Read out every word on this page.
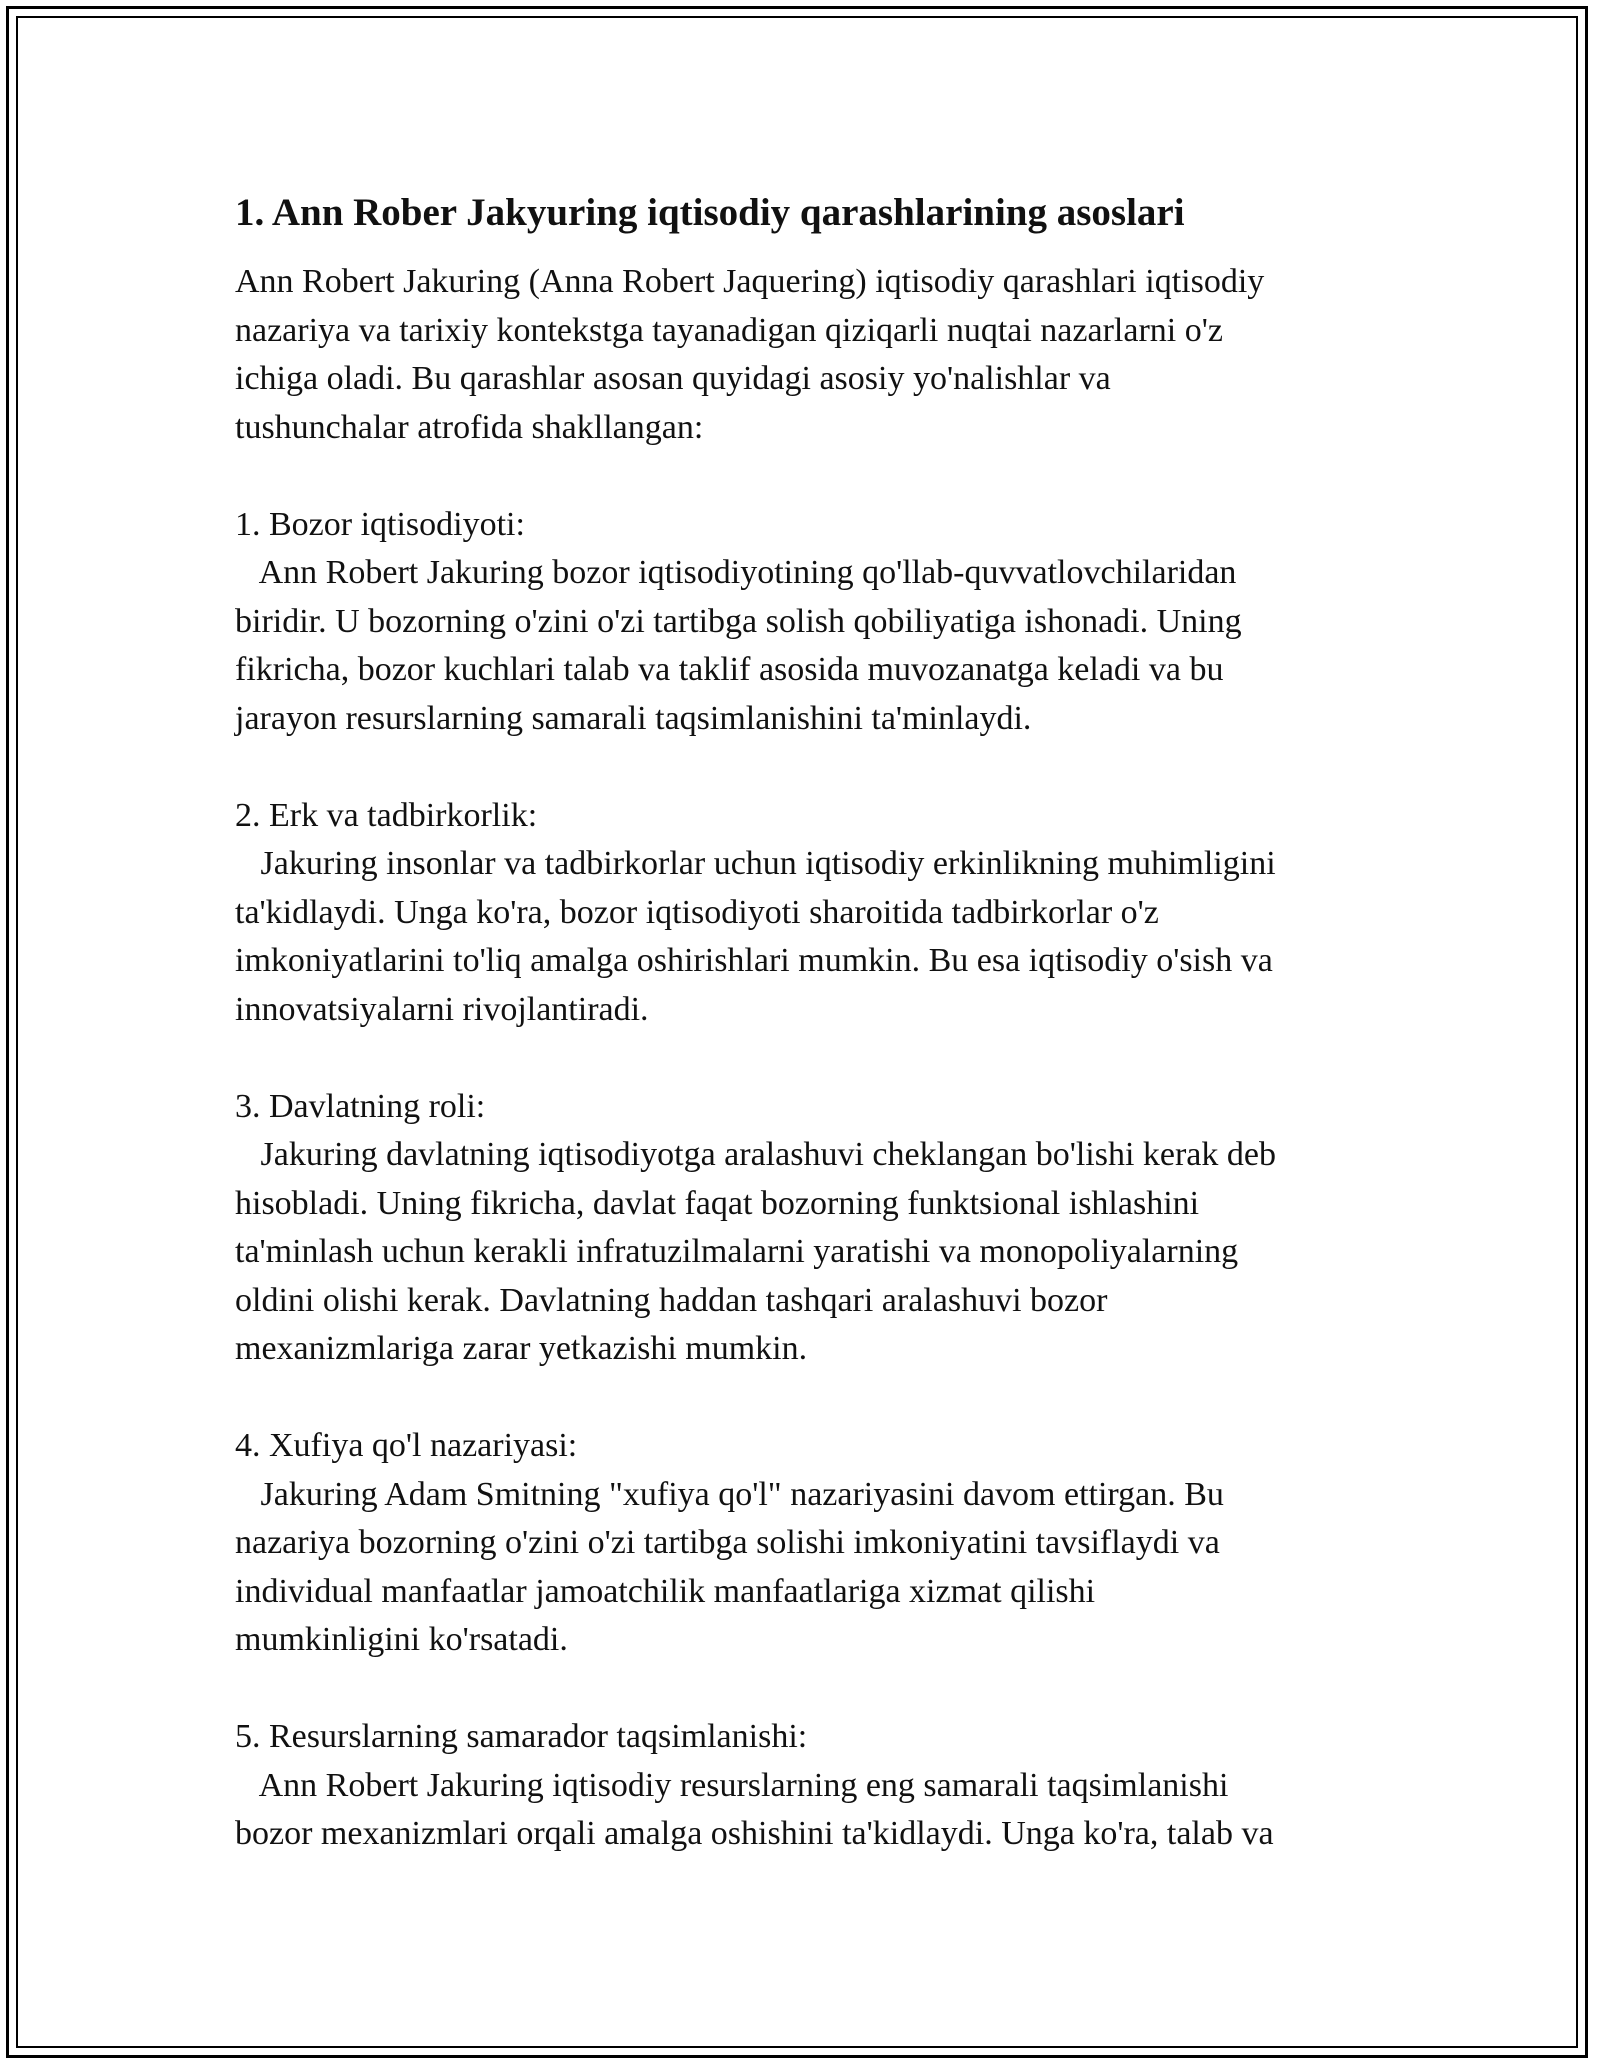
1. Ann Rober Jakyuring iqtisodiy qarashlarining asoslari
Ann Robert Jakuring (Anna Robert Jaquering) iqtisodiy qarashlari iqtisodiy
nazariya va tarixiy kontekstga tayanadigan qiziqarli nuqtai nazarlarni o'z
ichiga oladi. Bu qarashlar asosan quyidagi asosiy yo'nalishlar va
tushunchalar atrofida shakllangan:
1. Bozor iqtisodiyoti:
Ann Robert Jakuring bozor iqtisodiyotining qo'llab-quvvatlovchilaridan
biridir. U bozorning o'zini o'zi tartibga solish qobiliyatiga ishonadi. Uning
fikricha, bozor kuchlari talab va taklif asosida muvozanatga keladi va bu
jarayon resurslarning samarali taqsimlanishini ta'minlaydi.
2. Erk va tadbirkorlik:
Jakuring insonlar va tadbirkorlar uchun iqtisodiy erkinlikning muhimligini
ta'kidlaydi. Unga ko'ra, bozor iqtisodiyoti sharoitida tadbirkorlar o'z
imkoniyatlarini to'liq amalga oshirishlari mumkin. Bu esa iqtisodiy o'sish va
innovatsiyalarni rivojlantiradi.
3. Davlatning roli:
Jakuring davlatning iqtisodiyotga aralashuvi cheklangan bo'lishi kerak deb
hisobladi. Uning fikricha, davlat faqat bozorning funktsional ishlashini
ta'minlash uchun kerakli infratuzilmalarni yaratishi va monopoliyalarning
oldini olishi kerak. Davlatning haddan tashqari aralashuvi bozor
mexanizmlariga zarar yetkazishi mumkin.
4. Xufiya qo'l nazariyasi:
Jakuring Adam Smitning "xufiya qo'l" nazariyasini davom ettirgan. Bu
nazariya bozorning o'zini o'zi tartibga solishi imkoniyatini tavsiflaydi va
individual manfaatlar jamoatchilik manfaatlariga xizmat qilishi
mumkinligini ko'rsatadi.
5. Resurslarning samarador taqsimlanishi:
Ann Robert Jakuring iqtisodiy resurslarning eng samarali taqsimlanishi
bozor mexanizmlari orqali amalga oshishini ta'kidlaydi. Unga ko'ra, talab va
